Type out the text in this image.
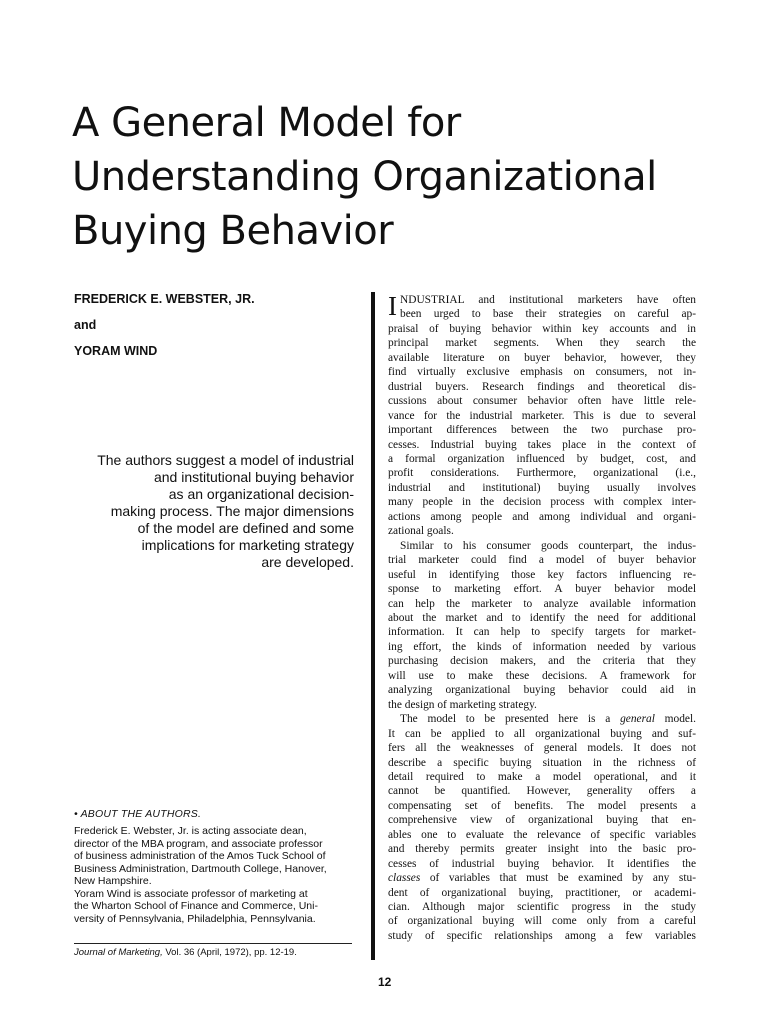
A General Model for
Understanding Organizational
Buying Behavior
FREDERICK E. WEBSTER, JR.
and
YORAM WIND

The authors suggest a model of industrial
and institutional buying behavior
as an organizational decision-
making process. The major dimensions
of the model are defined and some
implications for marketing strategy
are developed.

• ABOUT THE AUTHORS.
Frederick E. Webster, Jr. is acting associate dean,
director of the MBA program, and associate professor
of business administration of the Amos Tuck School of
Business Administration, Dartmouth College, Hanover,
New Hampshire.
Yoram Wind is associate professor of marketing at
the Wharton School of Finance and Commerce, Uni-
versity of Pennsylvania, Philadelphia, Pennsylvania.
Journal of Marketing, Vol. 36 (April, 1972), pp. 12-19.
I NDUSTRIAL and institutional marketers have often
been urged to base their strategies on careful ap-
praisal of buying behavior within key accounts and in
principal market segments. When they search the
available literature on buyer behavior, however, they
find virtually exclusive emphasis on consumers, not in-
dustrial buyers. Research findings and theoretical dis-
cussions about consumer behavior often have little rele-
vance for the industrial marketer. This is due to several
important differences between the two purchase pro-
cesses. Industrial buying takes place in the context of
a formal organization influenced by budget, cost, and
profit considerations. Furthermore, organizational (i.e.,
industrial and institutional) buying usually involves
many people in the decision process with complex inter-
actions among people and among individual and organi-
zational goals.
Similar to his consumer goods counterpart, the indus-
trial marketer could find a model of buyer behavior
useful in identifying those key factors influencing re-
sponse to marketing effort. A buyer behavior model
can help the marketer to analyze available information
about the market and to identify the need for additional
information. It can help to specify targets for market-
ing effort, the kinds of information needed by various
purchasing decision makers, and the criteria that they
will use to make these decisions. A framework for
analyzing organizational buying behavior could aid in
the design of marketing strategy.
The model to be presented here is a general model.
It can be applied to all organizational buying and suf-
fers all the weaknesses of general models. It does not
describe a specific buying situation in the richness of
detail required to make a model operational, and it
cannot be quantified. However, generality offers a
compensating set of benefits. The model presents a
comprehensive view of organizational buying that en-
ables one to evaluate the relevance of specific variables
and thereby permits greater insight into the basic pro-
cesses of industrial buying behavior. It identifies the
classes of variables that must be examined by any stu-
dent of organizational buying, practitioner, or academi-
cian. Although major scientific progress in the study
of organizational buying will come only from a careful
study of specific relationships among a few variables
12
